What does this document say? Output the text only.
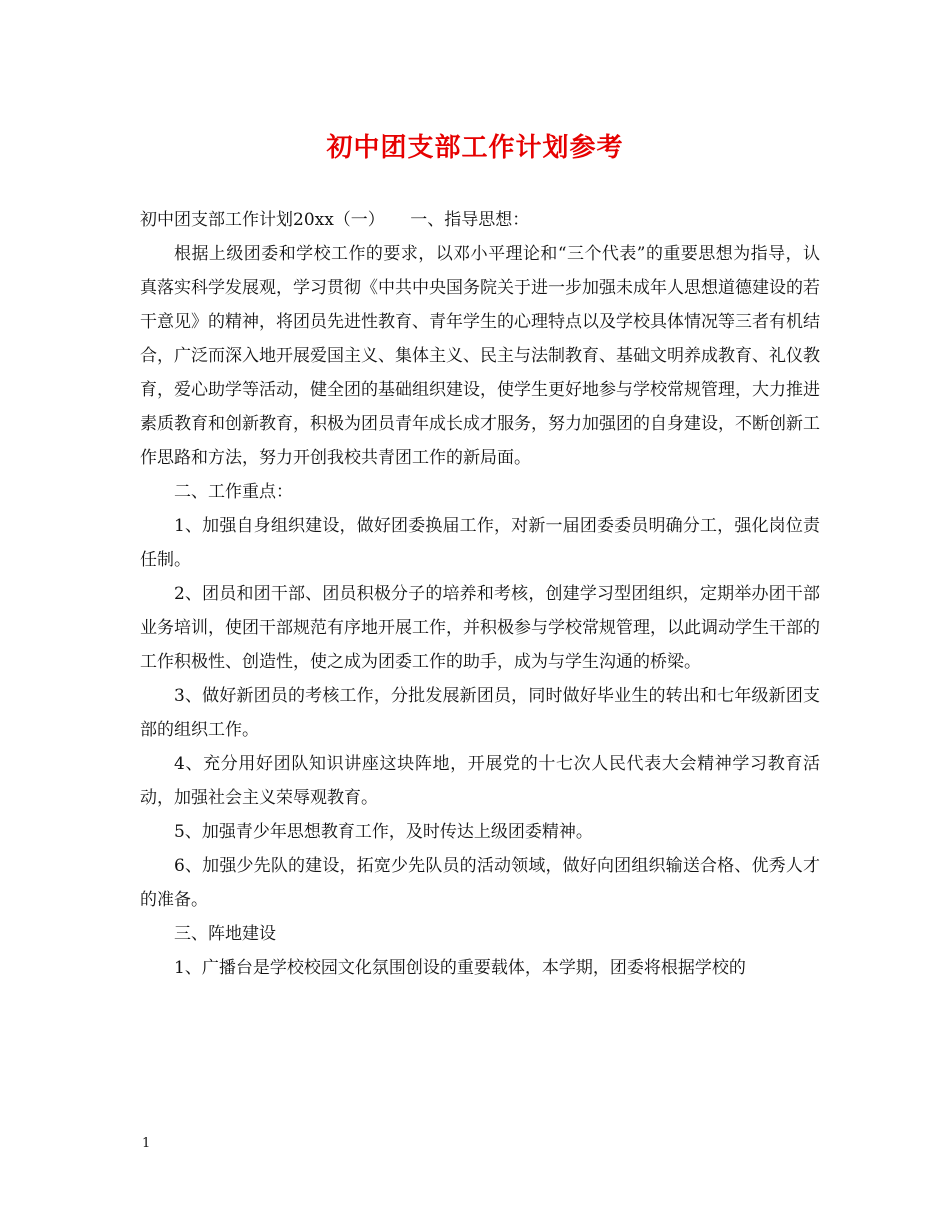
初中团支部工作计划参考

初中团支部工作计划20xx（一）　　一、指导思想：

根据上级团委和学校工作的要求，以邓小平理论和“三个代表”的重要思想为指导，认真落实科学发展观，学习贯彻《中共中央国务院关于进一步加强未成年人思想道德建设的若干意见》的精神，将团员先进性教育、青年学生的心理特点以及学校具体情况等三者有机结合，广泛而深入地开展爱国主义、集体主义、民主与法制教育、基础文明养成教育、礼仪教育，爱心助学等活动，健全团的基础组织建设，使学生更好地参与学校常规管理，大力推进素质教育和创新教育，积极为团员青年成长成才服务，努力加强团的自身建设，不断创新工作思路和方法，努力开创我校共青团工作的新局面。

二、工作重点：

1、加强自身组织建设，做好团委换届工作，对新一届团委委员明确分工，强化岗位责任制。

2、团员和团干部、团员积极分子的培养和考核，创建学习型团组织，定期举办团干部业务培训，使团干部规范有序地开展工作，并积极参与学校常规管理，以此调动学生干部的工作积极性、创造性，使之成为团委工作的助手，成为与学生沟通的桥梁。

3、做好新团员的考核工作，分批发展新团员，同时做好毕业生的转出和七年级新团支部的组织工作。

4、充分用好团队知识讲座这块阵地，开展党的十七次人民代表大会精神学习教育活动，加强社会主义荣辱观教育。

5、加强青少年思想教育工作，及时传达上级团委精神。

6、加强少先队的建设，拓宽少先队员的活动领域，做好向团组织输送合格、优秀人才的准备。

三、阵地建设

1、广播台是学校校园文化氛围创设的重要载体，本学期，团委将根据学校的

1
